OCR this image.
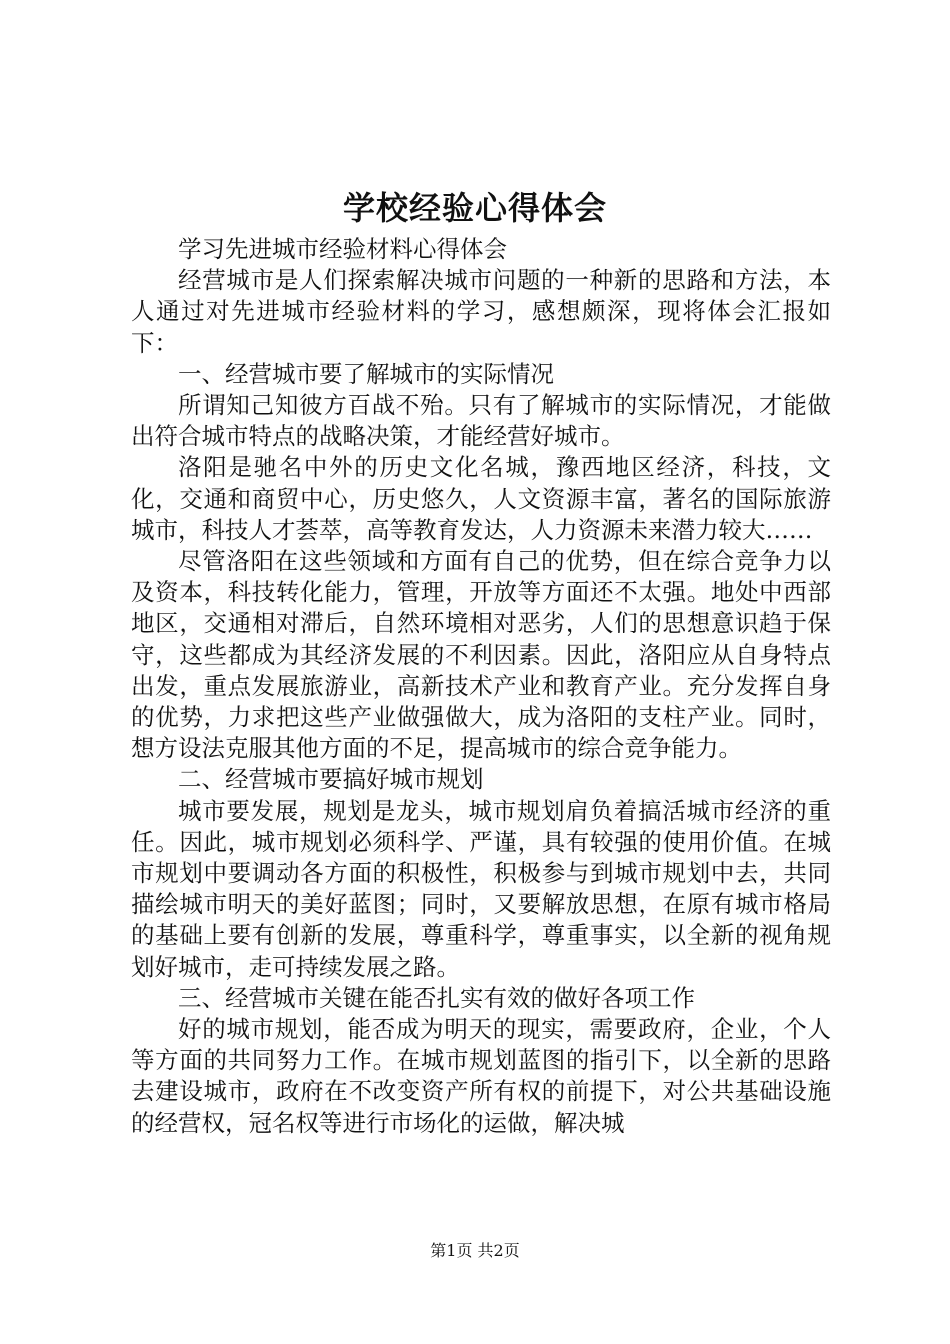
学校经验心得体会

学习先进城市经验材料心得体会

经营城市是人们探索解决城市问题的一种新的思路和方法，本人通过对先进城市经验材料的学习，感想颇深，现将体会汇报如下：

一、经营城市要了解城市的实际情况

所谓知己知彼方百战不殆。只有了解城市的实际情况，才能做出符合城市特点的战略决策，才能经营好城市。

洛阳是驰名中外的历史文化名城，豫西地区经济，科技，文化，交通和商贸中心，历史悠久，人文资源丰富，著名的国际旅游城市，科技人才荟萃，高等教育发达，人力资源未来潜力较大……

尽管洛阳在这些领域和方面有自己的优势，但在综合竞争力以及资本，科技转化能力，管理，开放等方面还不太强。地处中西部地区，交通相对滞后，自然环境相对恶劣，人们的思想意识趋于保守，这些都成为其经济发展的不利因素。因此，洛阳应从自身特点出发，重点发展旅游业，高新技术产业和教育产业。充分发挥自身的优势，力求把这些产业做强做大，成为洛阳的支柱产业。同时，想方设法克服其他方面的不足，提高城市的综合竞争能力。

二、经营城市要搞好城市规划

城市要发展，规划是龙头，城市规划肩负着搞活城市经济的重任。因此，城市规划必须科学、严谨，具有较强的使用价值。在城市规划中要调动各方面的积极性，积极参与到城市规划中去，共同描绘城市明天的美好蓝图；同时，又要解放思想，在原有城市格局的基础上要有创新的发展，尊重科学，尊重事实，以全新的视角规划好城市，走可持续发展之路。

三、经营城市关键在能否扎实有效的做好各项工作

好的城市规划，能否成为明天的现实，需要政府，企业，个人等方面的共同努力工作。在城市规划蓝图的指引下，以全新的思路去建设城市，政府在不改变资产所有权的前提下，对公共基础设施的经营权，冠名权等进行市场化的运做，解决城

第1页 共2页
